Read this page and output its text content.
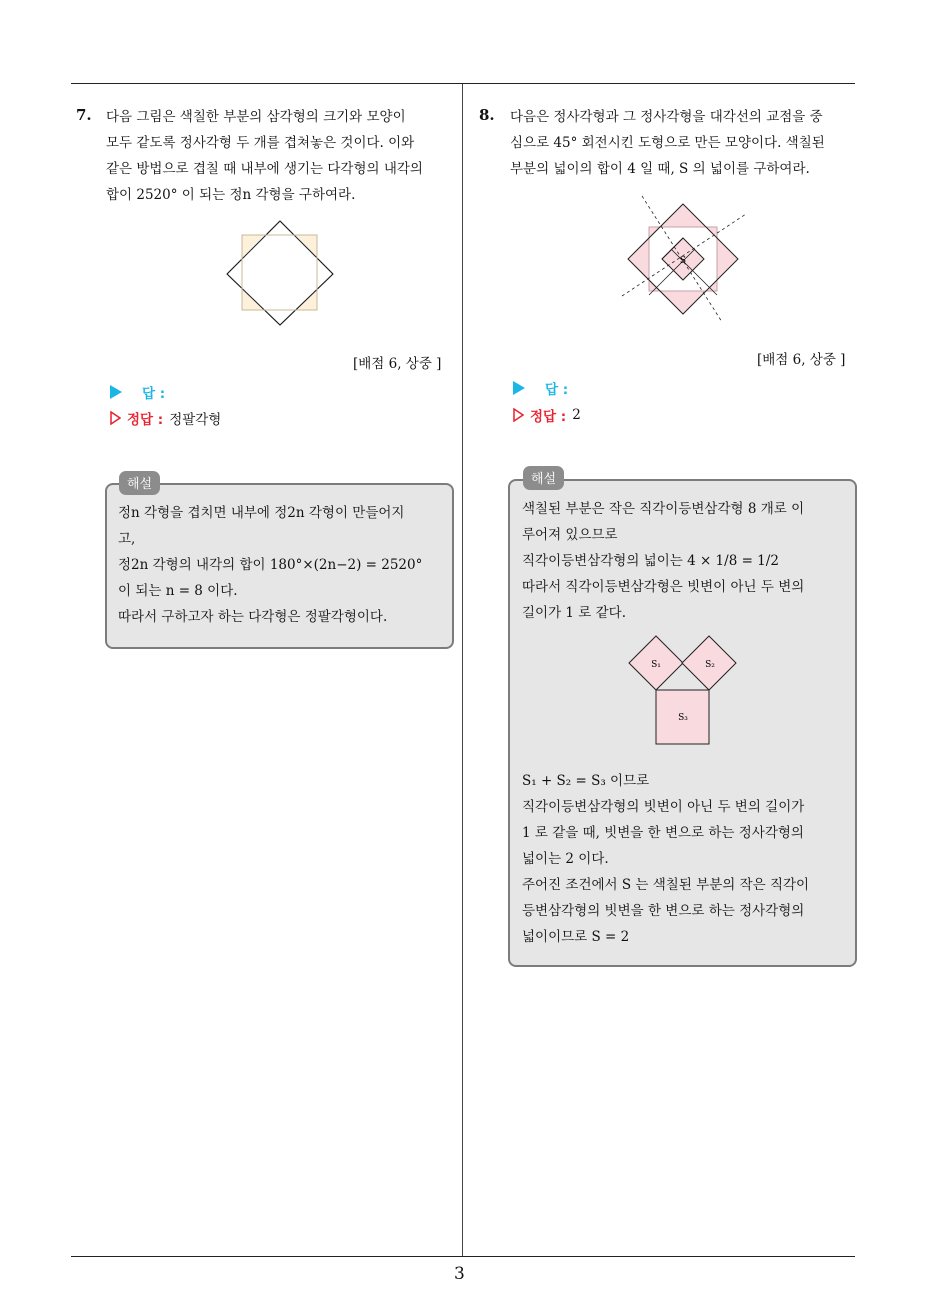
7. 다음 그림은 색칠한 부분의 삼각형의 크기와 모양이
모두 같도록 정사각형 두 개를 겹쳐놓은 것이다. 이와
같은 방법으로 겹칠 때 내부에 생기는 다각형의 내각의
합이 2520° 이 되는 정n 각형을 구하여라.
[배점 6, 상중 ]
답 :
정답 : 정팔각형
해설
정n 각형을 겹치면 내부에 정2n 각형이 만들어지
고,
정2n 각형의 내각의 합이 180°×(2n−2) = 2520°
이 되는 n = 8 이다.
따라서 구하고자 하는 다각형은 정팔각형이다.
8. 다음은 정사각형과 그 정사각형을 대각선의 교점을 중
심으로 45° 회전시킨 도형으로 만든 모양이다. 색칠된
부분의 넓이의 합이 4 일 때, S 의 넓이를 구하여라.
S
[배점 6, 상중 ]
답 :
정답 : 2
해설
색칠된 부분은 작은 직각이등변삼각형 8 개로 이
루어져 있으므로
직각이등변삼각형의 넓이는 4 × 1/8 = 1/2
따라서 직각이등변삼각형은 빗변이 아닌 두 변의
길이가 1 로 같다.
S₁	S₂
S₃
S₁ + S₂ = S₃ 이므로
직각이등변삼각형의 빗변이 아닌 두 변의 길이가
1 로 같을 때, 빗변을 한 변으로 하는 정사각형의
넓이는 2 이다.
주어진 조건에서 S 는 색칠된 부분의 작은 직각이
등변삼각형의 빗변을 한 변으로 하는 정사각형의
넓이이므로 S = 2
3
